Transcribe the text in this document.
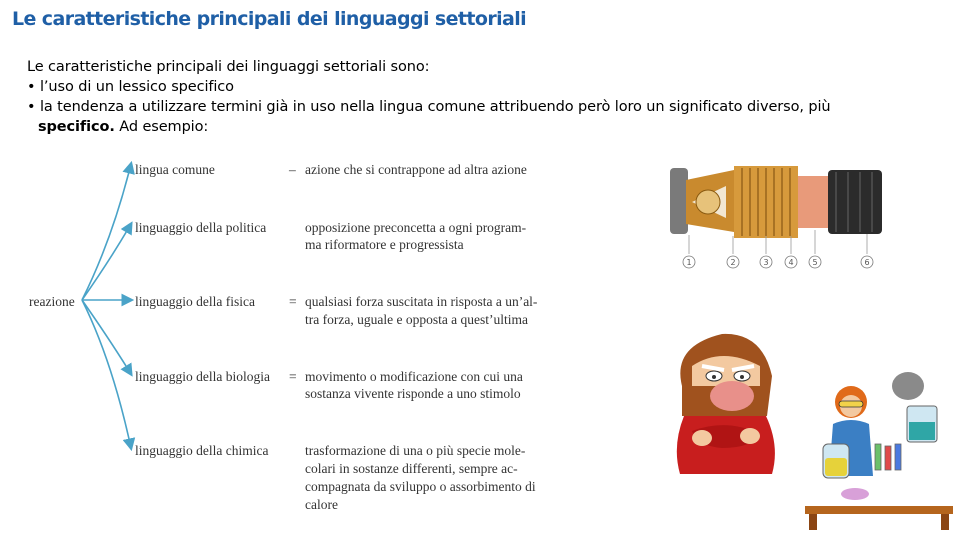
Le caratteristiche principali dei linguaggi settoriali
Le caratteristiche principali dei linguaggi settoriali sono:
• l’uso di un lessico specifico
• la tendenza a utilizzare termini già in uso nella lingua comune attribuendo però loro un significato diverso, più
specifico. Ad esempio:
reazione
lingua comune	– azione che si contrappone ad altra azione
linguaggio della politica	opposizione preconcetta a ogni program-
ma riformatore e progressista
linguaggio della fisica	= qualsiasi forza suscitata in risposta a un’al-
tra forza, uguale e opposta a quest’ultima
linguaggio della biologia = movimento o modificazione con cui una
sostanza vivente risponde a uno stimolo
linguaggio della chimica	trasformazione di una o più specie mole-
colari in sostanze differenti, sempre ac-
compagnata da sviluppo o assorbimento di
calore
1	2	3 4 5	6
